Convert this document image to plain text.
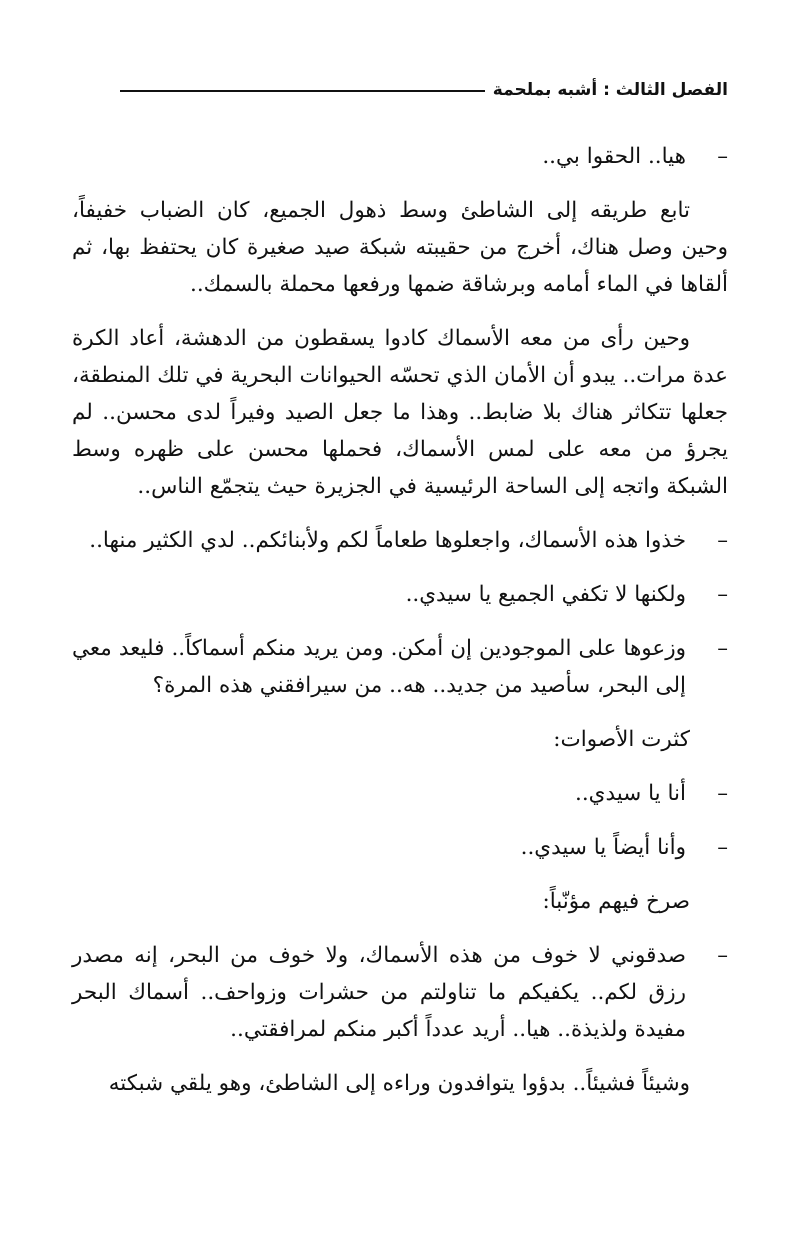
الفصل الثالث : أشبه بملحمة
–
هيا.. الحقوا بي..

تابع طريقه إلى الشاطئ وسط ذهول الجميع، كان الضباب خفيفاً، وحين وصل هناك، أخرج من حقيبته شبكة صيد صغيرة كان يحتفظ بها، ثم ألقاها في الماء أمامه وبرشاقة ضمها ورفعها محملة بالسمك..

وحين رأى من معه الأسماك كادوا يسقطون من الدهشة، أعاد الكرة عدة مرات.. يبدو أن الأمان الذي تحسّه الحيوانات البحرية في تلك المنطقة، جعلها تتكاثر هناك بلا ضابط.. وهذا ما جعل الصيد وفيراً لدى محسن.. لم يجرؤ من معه على لمس الأسماك، فحملها محسن على ظهره وسط الشبكة واتجه إلى الساحة الرئيسية في الجزيرة حيث يتجمّع الناس..

–
خذوا هذه الأسماك، واجعلوها طعاماً لكم ولأبنائكم.. لدي الكثير منها..
–
ولكنها لا تكفي الجميع يا سيدي..
–
وزعوها على الموجودين إن أمكن. ومن يريد منكم أسماكاً.. فليعد معي إلى البحر، سأصيد من جديد.. هه.. من سيرافقني هذه المرة؟

كثرت الأصوات:

–
أنا يا سيدي..
–
وأنا أيضاً يا سيدي..

صرخ فيهم مؤنّباً:

–
صدقوني لا خوف من هذه الأسماك، ولا خوف من البحر، إنه مصدر رزق لكم.. يكفيكم ما تناولتم من حشرات وزواحف.. أسماك البحر مفيدة ولذيذة.. هيا.. أريد عدداً أكبر منكم لمرافقتي..

وشيئاً فشيئاً.. بدؤوا يتوافدون وراءه إلى الشاطئ، وهو يلقي شبكته
